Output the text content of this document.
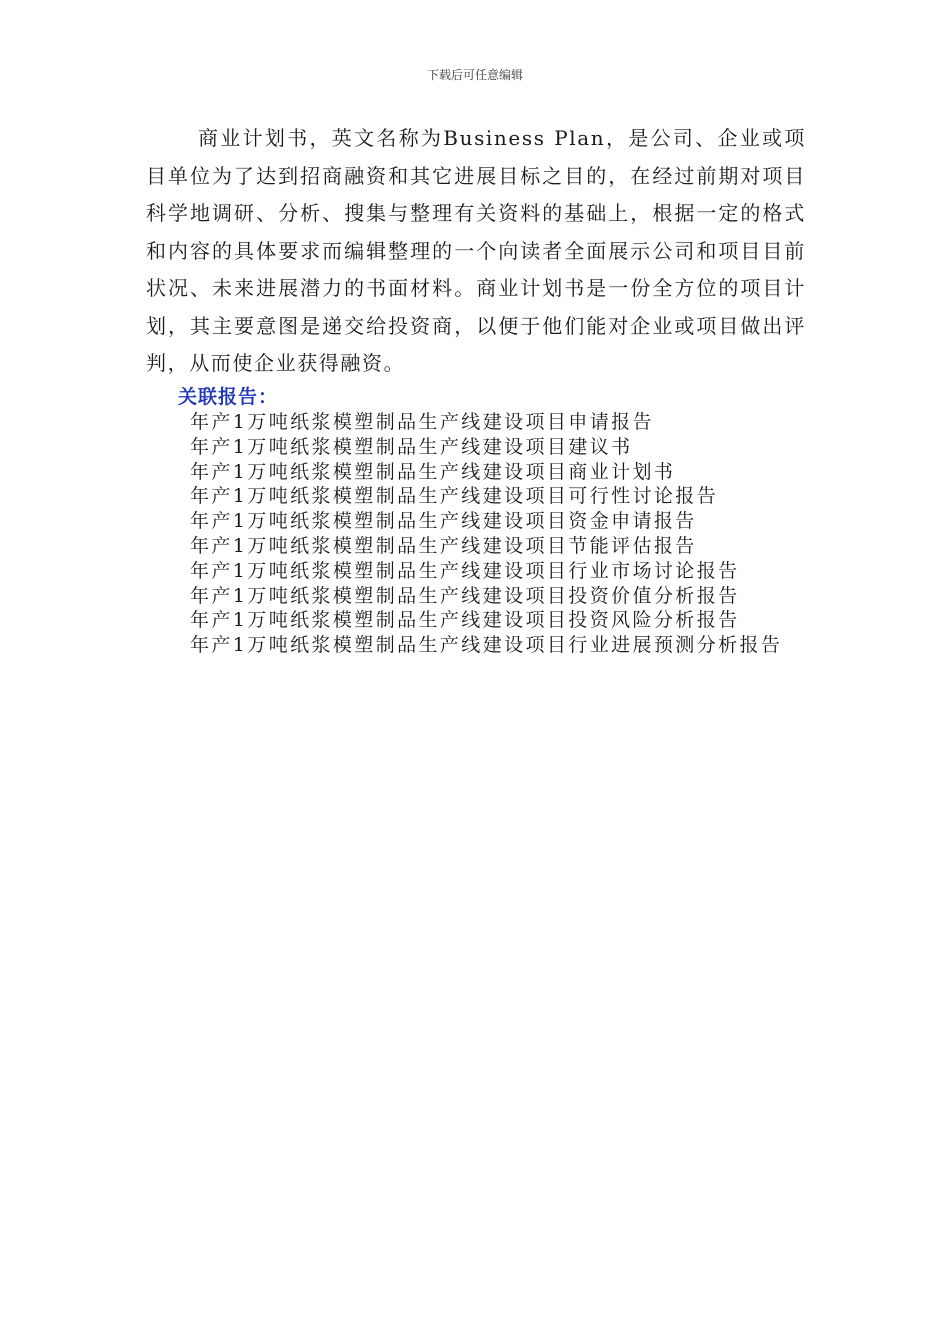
下载后可任意编辑

商业计划书，英文名称为Business Plan，是公司、企业或项目单位为了达到招商融资和其它进展目标之目的，在经过前期对项目科学地调研、分析、搜集与整理有关资料的基础上，根据一定的格式和内容的具体要求而编辑整理的一个向读者全面展示公司和项目目前状况、未来进展潜力的书面材料。商业计划书是一份全方位的项目计划，其主要意图是递交给投资商，以便于他们能对企业或项目做出评判，从而使企业获得融资。

关联报告：
年产1万吨纸浆模塑制品生产线建设项目申请报告
年产1万吨纸浆模塑制品生产线建设项目建议书
年产1万吨纸浆模塑制品生产线建设项目商业计划书
年产1万吨纸浆模塑制品生产线建设项目可行性讨论报告
年产1万吨纸浆模塑制品生产线建设项目资金申请报告
年产1万吨纸浆模塑制品生产线建设项目节能评估报告
年产1万吨纸浆模塑制品生产线建设项目行业市场讨论报告
年产1万吨纸浆模塑制品生产线建设项目投资价值分析报告
年产1万吨纸浆模塑制品生产线建设项目投资风险分析报告
年产1万吨纸浆模塑制品生产线建设项目行业进展预测分析报告
